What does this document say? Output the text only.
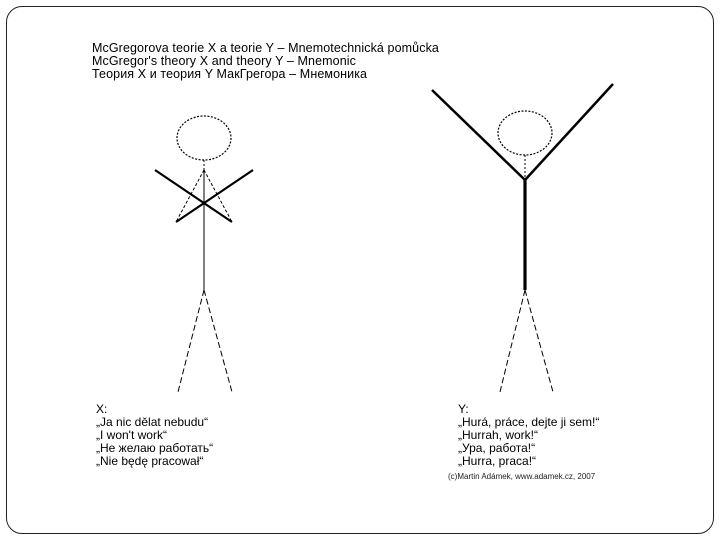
McGregorova teorie X a teorie Y – Mnemotechnická pomůcka
McGregor's theory X and theory Y – Mnemonic
Теория X и теория Y МакГрегора – Мнемоника
X:
„Ja nic dělat nebudu“
„I won't work“
„Не желаю работать“
„Nie będę pracował“
Y:
„Hurá, práce, dejte ji sem!“
„Hurrah, work!“
„Ура, работа!“
„Hurra, praca!“
(c)Martin Adámek, www.adamek.cz, 2007
